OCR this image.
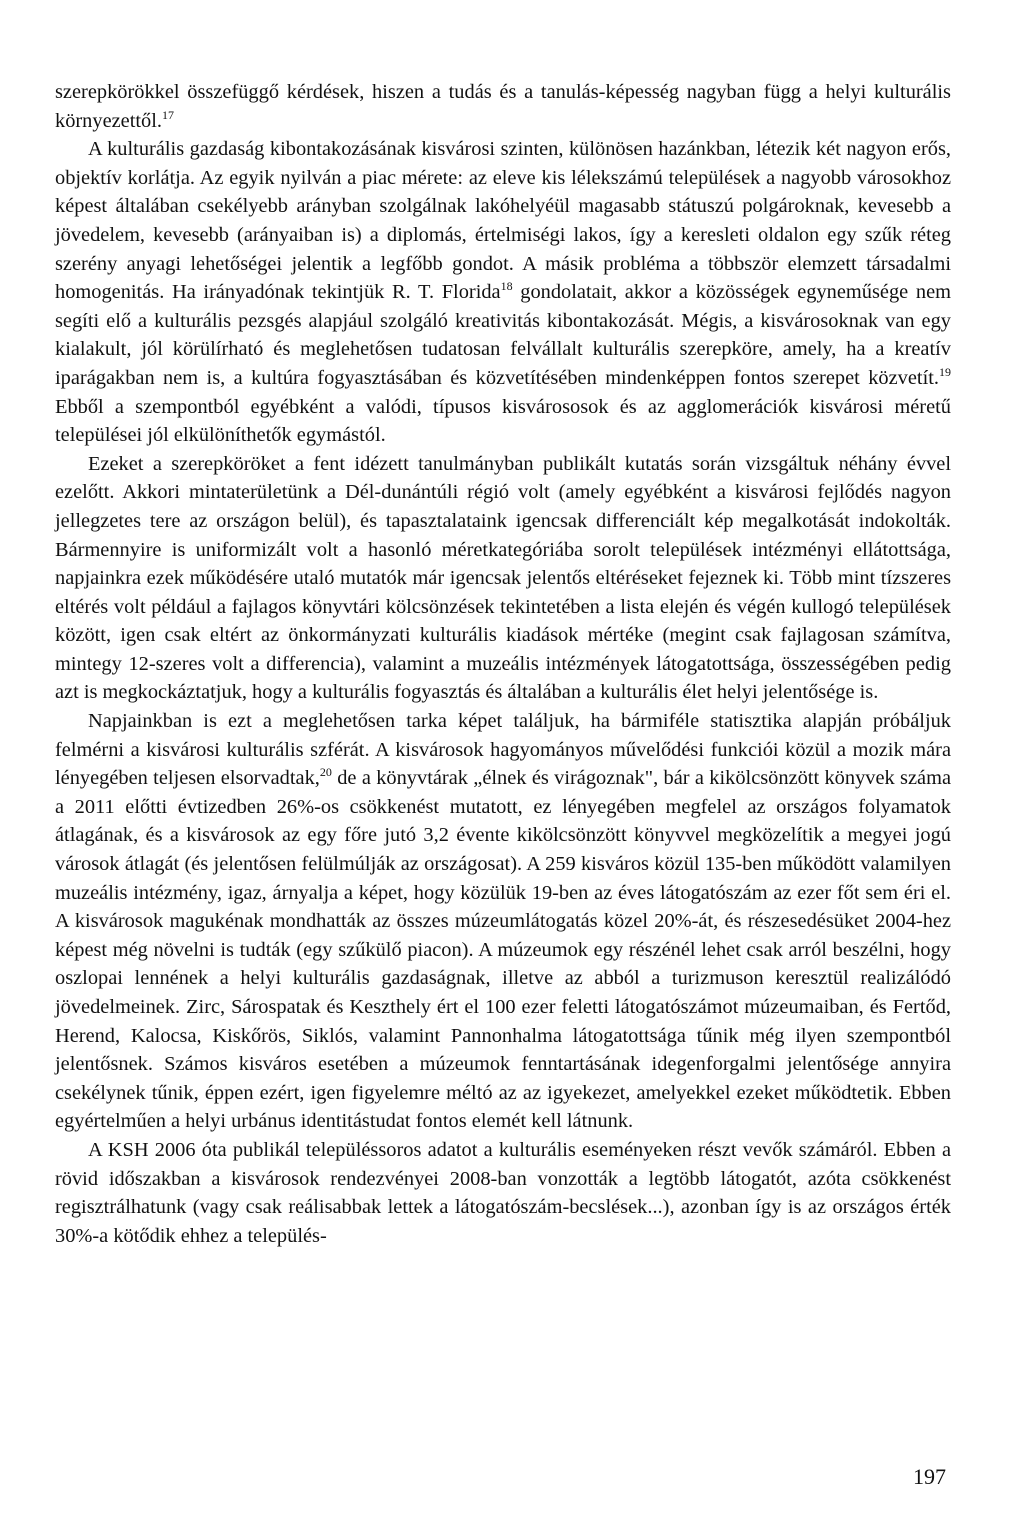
szerepkörökkel összefüggő kérdések, hiszen a tudás és a tanulás-képesség nagyban függ a helyi kulturális környezettől.$^{17}$

A kulturális gazdaság kibontakozásának kisvárosi szinten, különösen hazánkban, létezik két nagyon erős, objektív korlátja. Az egyik nyilván a piac mérete: az eleve kis lélekszámú települések a nagyobb városokhoz képest általában csekélyebb arányban szolgálnak lakóhelyéül magasabb státuszú polgároknak, kevesebb a jövedelem, kevesebb (arányaiban is) a diplomás, értelmiségi lakos, így a keresleti oldalon egy szűk réteg szerény anyagi lehetőségei jelentik a legfőbb gondot. A másik probléma a többször elemzett társadalmi homogenitás. Ha irányadónak tekintjük R. T. Florida$^{18}$ gondolatait, akkor a közösségek egyneműsége nem segíti elő a kulturális pezsgés alapjául szolgáló kreativitás kibontakozását. Mégis, a kisvárosoknak van egy kialakult, jól körülírható és meglehetősen tudatosan felvállalt kulturális szerepköre, amely, ha a kreatív iparágakban nem is, a kultúra fogyasztásában és közvetítésében mindenképpen fontos szerepet közvetít.$^{19}$ Ebből a szempontból egyébként a valódi, típusos kisvárososok és az agglomerációk kisvárosi méretű települései jól elkülöníthetők egymástól.

Ezeket a szerepköröket a fent idézett tanulmányban publikált kutatás során vizsgáltuk néhány évvel ezelőtt. Akkori mintaterületünk a Dél-dunántúli régió volt (amely egyébként a kisvárosi fejlődés nagyon jellegzetes tere az országon belül), és tapasztalataink igencsak differenciált kép megalkotását indokolták. Bármennyire is uniformizált volt a hasonló méretkategóriába sorolt települések intézményi ellátottsága, napjainkra ezek működésére utaló mutatók már igencsak jelentős eltéréseket fejeznek ki. Több mint tízszeres eltérés volt például a fajlagos könyvtári kölcsönzések tekintetében a lista elején és végén kullogó települések között, igen csak eltért az önkormányzati kulturális kiadások mértéke (megint csak fajlagosan számítva, mintegy 12-szeres volt a differencia), valamint a muzeális intézmények látogatottsága, összességében pedig azt is megkockáztatjuk, hogy a kulturális fogyasztás és általában a kulturális élet helyi jelentősége is.

Napjainkban is ezt a meglehetősen tarka képet találjuk, ha bármiféle statisztika alapján próbáljuk felmérni a kisvárosi kulturális szférát. A kisvárosok hagyományos művelődési funkciói közül a mozik mára lényegében teljesen elsorvadtak,$^{20}$ de a könyvtárak „élnek és virágoznak", bár a kikölcsönzött könyvek száma a 2011 előtti évtizedben 26%-os csökkenést mutatott, ez lényegében megfelel az országos folyamatok átlagának, és a kisvárosok az egy főre jutó 3,2 évente kikölcsönzött könyvvel megközelítik a megyei jogú városok átlagát (és jelentősen felülmúlják az országosat). A 259 kisváros közül 135-ben működött valamilyen muzeális intézmény, igaz, árnyalja a képet, hogy közülük 19-ben az éves látogatószám az ezer főt sem éri el. A kisvárosok magukénak mondhatták az összes múzeumlátogatás közel 20%-át, és részesedésüket 2004-hez képest még növelni is tudták (egy szűkülő piacon). A múzeumok egy részénél lehet csak arról beszélni, hogy oszlopai lennének a helyi kulturális gazdaságnak, illetve az abból a turizmuson keresztül realizálódó jövedelmeinek. Zirc, Sárospatak és Keszthely ért el 100 ezer feletti látogatószámot múzeumaiban, és Fertőd, Herend, Kalocsa, Kiskőrös, Siklós, valamint Pannonhalma látogatottsága tűnik még ilyen szempontból jelentősnek. Számos kisváros esetében a múzeumok fenntartásának idegenforgalmi jelentősége annyira csekélynek tűnik, éppen ezért, igen figyelemre méltó az az igyekezet, amelyekkel ezeket működtetik. Ebben egyértelműen a helyi urbánus identitástudat fontos elemét kell látnunk.

A KSH 2006 óta publikál településsoros adatot a kulturális eseményeken részt vevők számáról. Ebben a rövid időszakban a kisvárosok rendezvényei 2008-ban vonzották a legtöbb látogatót, azóta csökkenést regisztrálhatunk (vagy csak reálisabbak lettek a látogatószám-becslések...), azonban így is az országos érték 30%-a kötődik ehhez a település-

197
